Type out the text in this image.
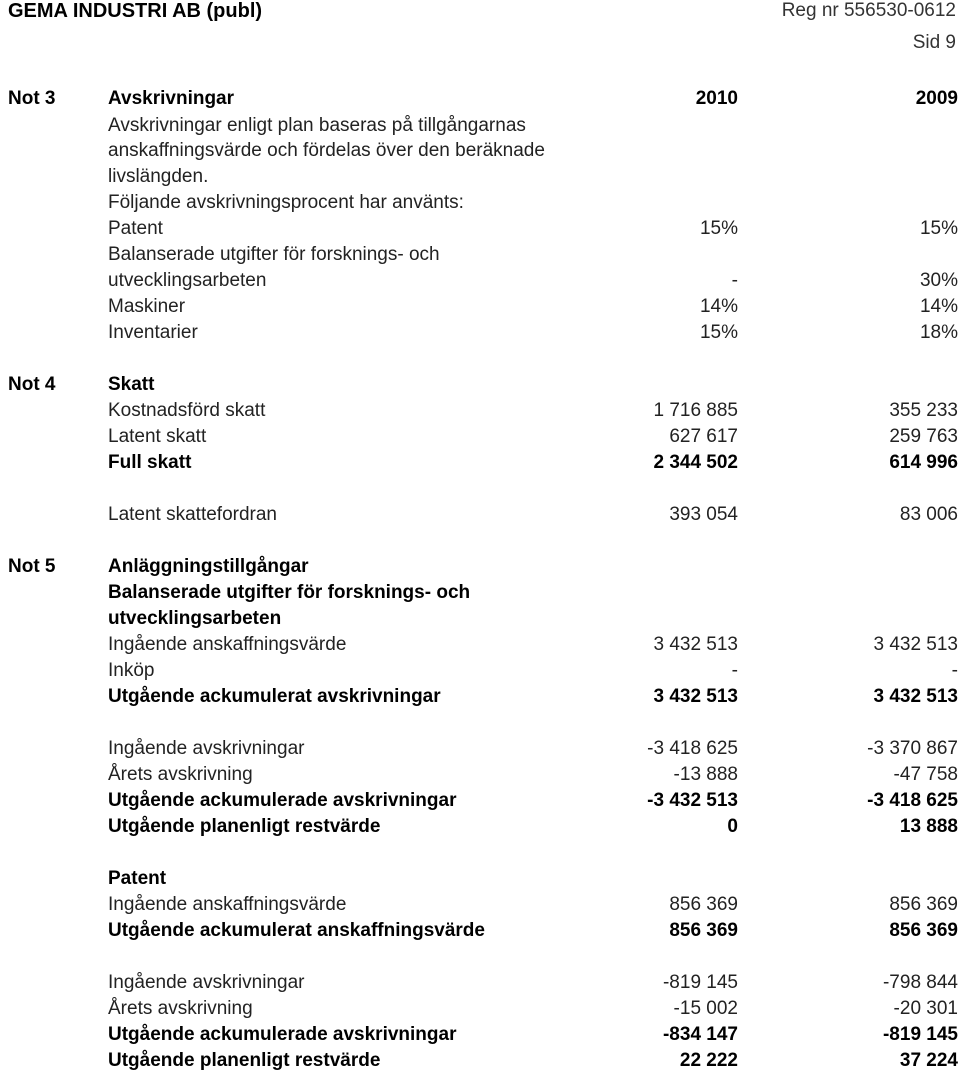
GEMA INDUSTRI AB (publ)	Reg nr 556530-0612
Sid 9
Not 3	Avskrivningar	2010	2009
Avskrivningar enligt plan baseras på tillgångarnas
anskaffningsvärde och fördelas över den beräknade
livslängden.
Följande avskrivningsprocent har använts:
Patent	15%	15%
Balanserade utgifter för forsknings- och
utvecklingsarbeten	-	30%
Maskiner	14%	14%
Inventarier	15%	18%
Not 4	Skatt
Kostnadsförd skatt	1 716 885	355 233
Latent skatt	627 617	259 763
Full skatt	2 344 502	614 996
Latent skattefordran	393 054	83 006
Not 5	Anläggningstillgångar
Balanserade utgifter för forsknings- och
utvecklingsarbeten
Ingående anskaffningsvärde	3 432 513	3 432 513
Inköp	-	-
Utgående ackumulerat avskrivningar	3 432 513	3 432 513
Ingående avskrivningar	-3 418 625	-3 370 867
Årets avskrivning	-13 888	-47 758
Utgående ackumulerade avskrivningar	-3 432 513	-3 418 625
Utgående planenligt restvärde	0	13 888
Patent
Ingående anskaffningsvärde	856 369	856 369
Utgående ackumulerat anskaffningsvärde	856 369	856 369
Ingående avskrivningar	-819 145	-798 844
Årets avskrivning	-15 002	-20 301
Utgående ackumulerade avskrivningar	-834 147	-819 145
Utgående planenligt restvärde	22 222	37 224
